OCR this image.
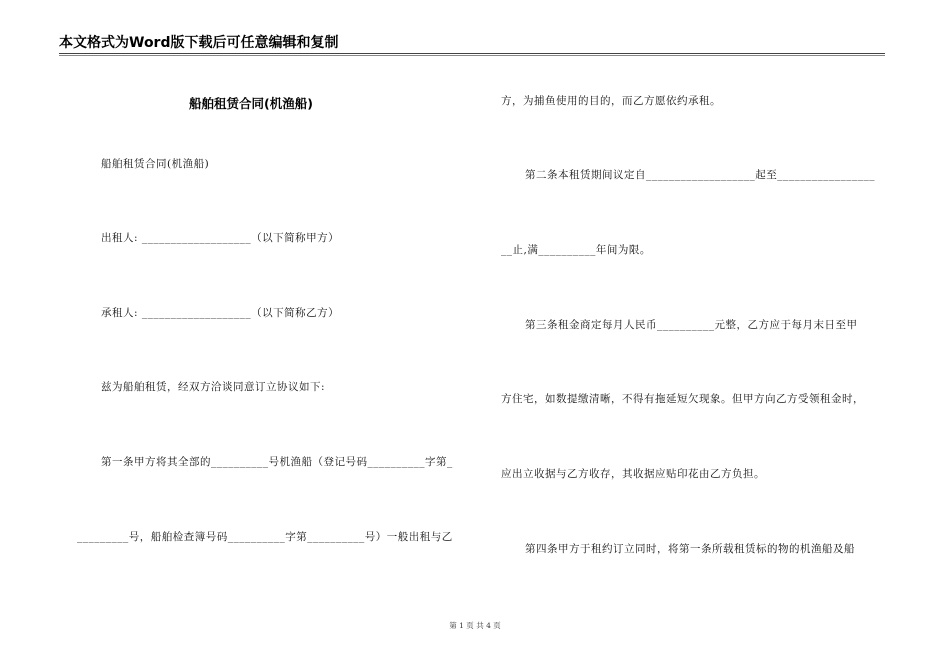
本文格式为Word版下载后可任意编辑和复制
船舶租赁合同(机渔船)
船舶租赁合同(机渔船)
出租人: ___________________（以下简称甲方）
承租人: ___________________（以下简称乙方）
兹为船舶租赁，经双方洽谈同意订立协议如下:
第一条甲方将其全部的__________号机渔船（登记号码__________字第_
_________号，船舶检查簿号码__________字第__________号）一般出租与乙
方，为捕鱼使用的目的，而乙方愿依约承租。
第二条本租赁期间议定自___________________起至_________________
__止,满__________年间为限。
第三条租金商定每月人民币__________元整，乙方应于每月末日至甲
方住宅，如数提缴清晰，不得有拖延短欠现象。但甲方向乙方受领租金时，
应出立收据与乙方收存，其收据应贴印花由乙方负担。
第四条甲方于租约订立同时，将第一条所载租赁标的物的机渔船及船
第 1 页 共 4 页
